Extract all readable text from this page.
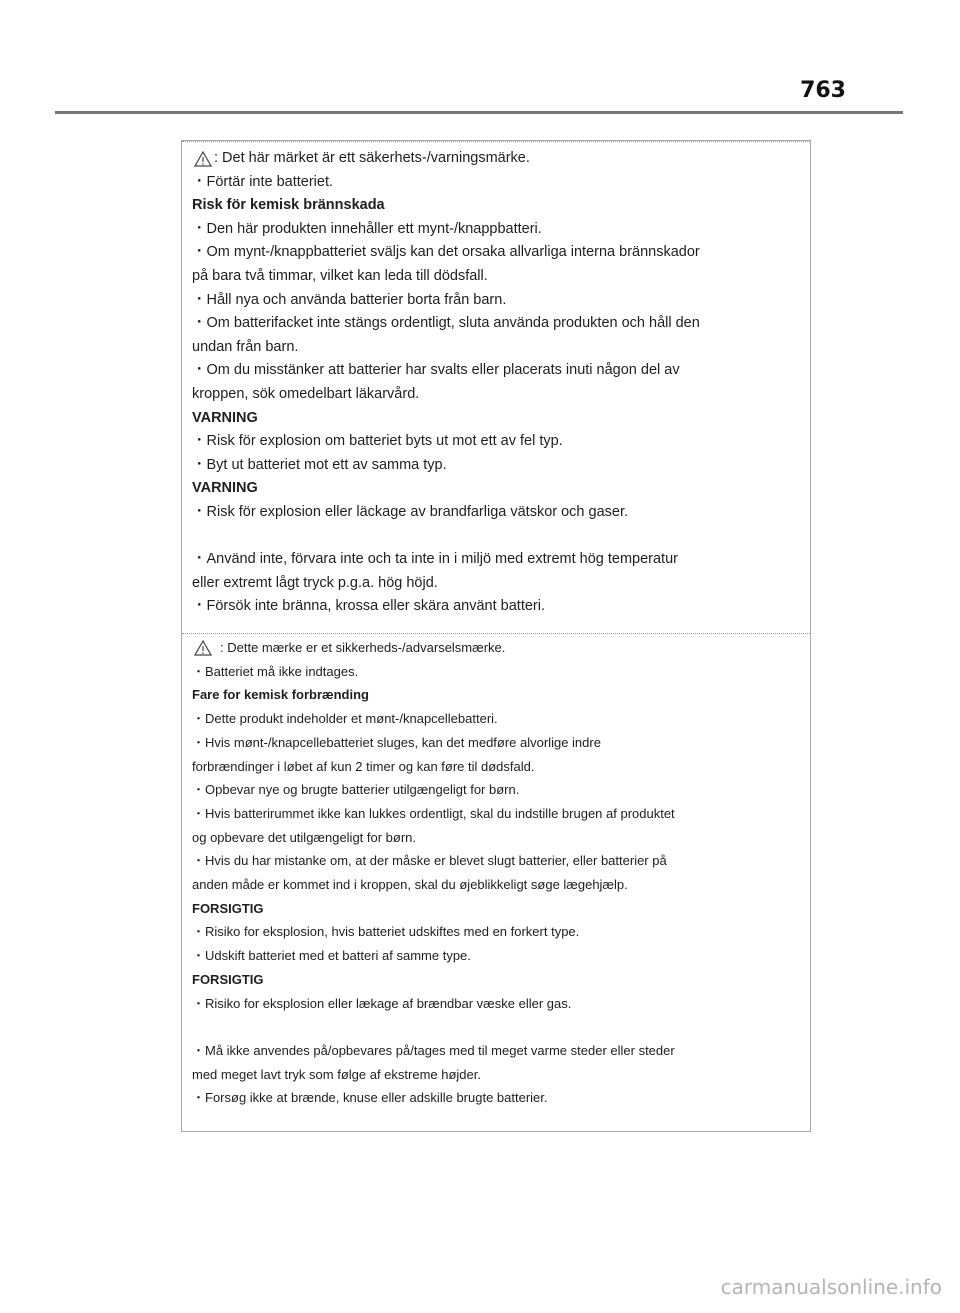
763
: Det här märket är ett säkerhets-/varningsmärke.
・Förtär inte batteriet.
Risk för kemisk brännskada
・Den här produkten innehåller ett mynt-/knappbatteri.
・Om mynt-/knappbatteriet sväljs kan det orsaka allvarliga interna brännskador
på bara två timmar, vilket kan leda till dödsfall.
・Håll nya och använda batterier borta från barn.
・Om batterifacket inte stängs ordentligt, sluta använda produkten och håll den
undan från barn.
・Om du misstänker att batterier har svalts eller placerats inuti någon del av
kroppen, sök omedelbart läkarvård.
VARNING
・Risk för explosion om batteriet byts ut mot ett av fel typ.
・Byt ut batteriet mot ett av samma typ.
VARNING
・Risk för explosion eller läckage av brandfarliga vätskor och gaser.
・Använd inte, förvara inte och ta inte in i miljö med extremt hög temperatur
eller extremt lågt tryck p.g.a. hög höjd.
・Försök inte bränna, krossa eller skära använt batteri.
: Dette mærke er et sikkerheds-/advarselsmærke.
・Batteriet må ikke indtages.
Fare for kemisk forbrænding
・Dette produkt indeholder et mønt-/knapcellebatteri.
・Hvis mønt-/knapcellebatteriet sluges, kan det medføre alvorlige indre
forbrændinger i løbet af kun 2 timer og kan føre til dødsfald.
・Opbevar nye og brugte batterier utilgængeligt for børn.
・Hvis batterirummet ikke kan lukkes ordentligt, skal du indstille brugen af produktet
og opbevare det utilgængeligt for børn.
・Hvis du har mistanke om, at der måske er blevet slugt batterier, eller batterier på
anden måde er kommet ind i kroppen, skal du øjeblikkeligt søge lægehjælp.
FORSIGTIG
・Risiko for eksplosion, hvis batteriet udskiftes med en forkert type.
・Udskift batteriet med et batteri af samme type.
FORSIGTIG
・Risiko for eksplosion eller lækage af brændbar væske eller gas.
・Må ikke anvendes på/opbevares på/tages med til meget varme steder eller steder
med meget lavt tryk som følge af ekstreme højder.
・Forsøg ikke at brænde, knuse eller adskille brugte batterier.
carmanualsonline.info
